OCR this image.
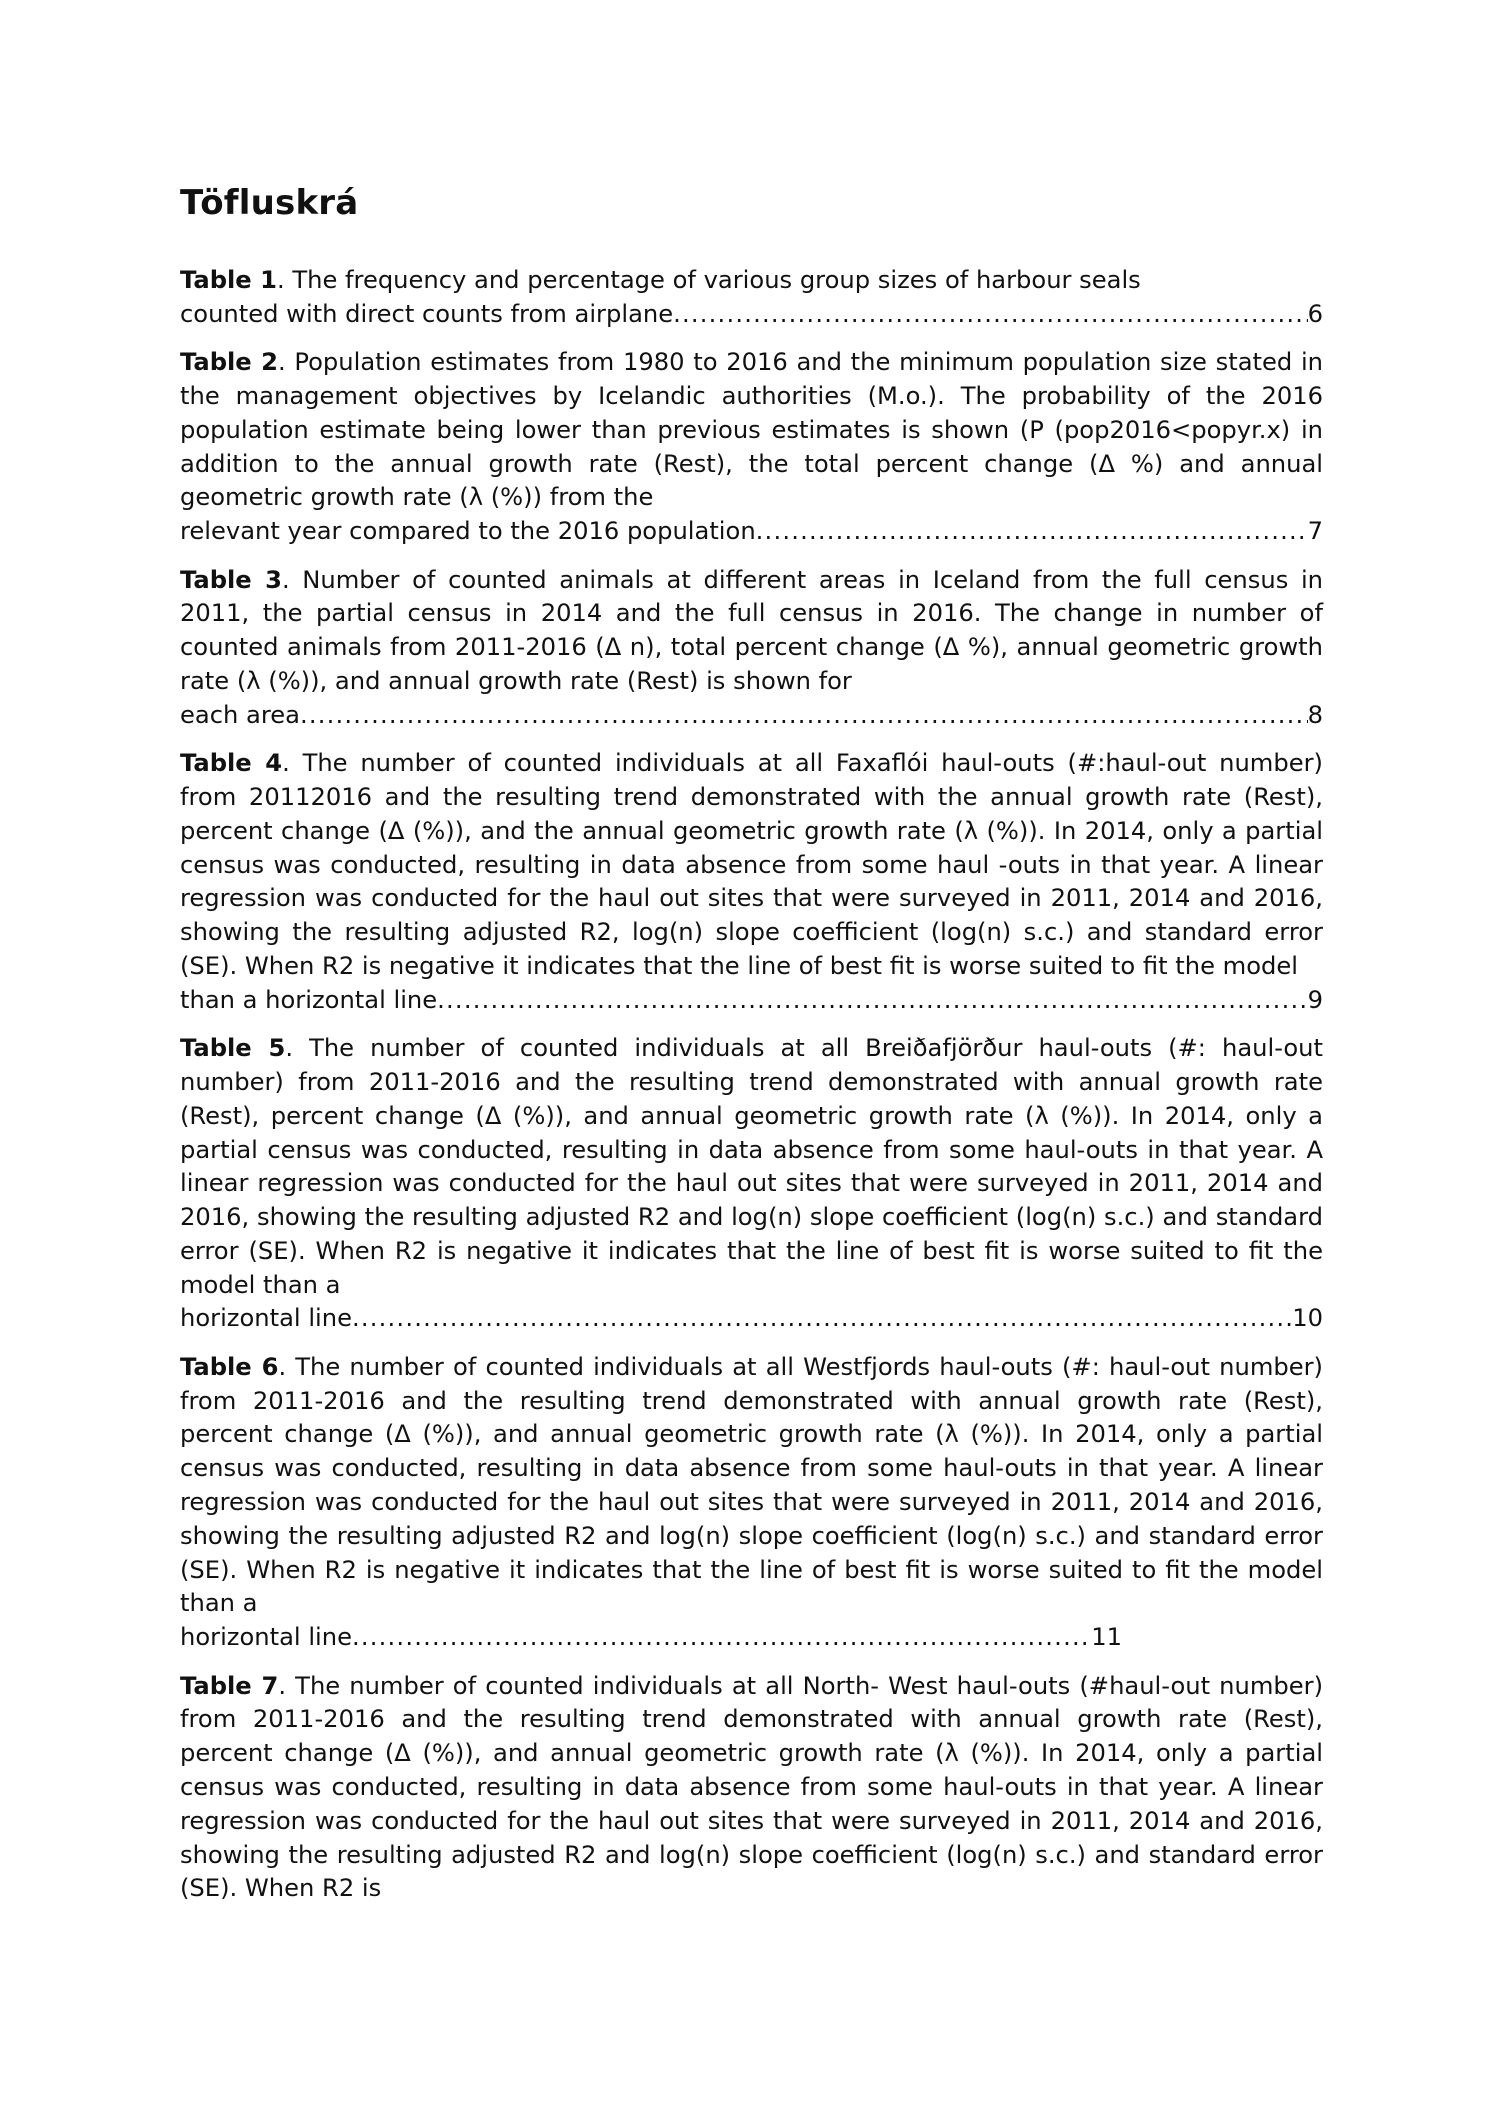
Töfluskrá
Table 1. The frequency and percentage of various group sizes of harbour seals
counted with direct counts from airplane .....	6
Table 2. Population estimates from 1980 to 2016 and the minimum population size stated in the management objectives by Icelandic authorities (M.o.). The probability of the 2016 population estimate being lower than previous estimates is shown (P (pop2016<popyr.x) in addition to the annual growth rate (Rest), the total percent change (Δ %) and annual geometric growth rate (λ (%)) from the
relevant year compared to the 2016 population .....	7
Table 3. Number of counted animals at different areas in Iceland from the full census in 2011, the partial census in 2014 and the full census in 2016. The change in number of counted animals from 2011-2016 (Δ n), total percent change (Δ %), annual geometric growth rate (λ (%)), and annual growth rate (Rest) is shown for
each area .....	8
Table 4. The number of counted individuals at all Faxaflói haul-outs (#:haul-out number) from 20112016 and the resulting trend demonstrated with the annual growth rate (Rest), percent change (Δ (%)), and the annual geometric growth rate (λ (%)). In 2014, only a partial census was conducted, resulting in data absence from some haul -outs in that year. A linear regression was conducted for the haul out sites that were surveyed in 2011, 2014 and 2016, showing the resulting adjusted R2, log(n) slope coefficient (log(n) s.c.) and standard error (SE). When R2 is negative it indicates that the line of best fit is worse suited to fit the model
than a horizontal line .....	9
Table 5. The number of counted individuals at all Breiðafjörður haul-outs (#: haul-out number) from 2011-2016 and the resulting trend demonstrated with annual growth rate (Rest), percent change (Δ (%)), and annual geometric growth rate (λ (%)). In 2014, only a partial census was conducted, resulting in data absence from some haul-outs in that year. A linear regression was conducted for the haul out sites that were surveyed in 2011, 2014 and 2016, showing the resulting adjusted R2 and log(n) slope coefficient (log(n) s.c.) and standard error (SE). When R2 is negative it indicates that the line of best fit is worse suited to fit the model than a
horizontal line .....	10
Table 6. The number of counted individuals at all Westfjords haul-outs (#: haul-out number) from 2011-2016 and the resulting trend demonstrated with annual growth rate (Rest), percent change (Δ (%)), and annual geometric growth rate (λ (%)). In 2014, only a partial census was conducted, resulting in data absence from some haul-outs in that year. A linear regression was conducted for the haul out sites that were surveyed in 2011, 2014 and 2016, showing the resulting adjusted R2 and log(n) slope coefficient (log(n) s.c.) and standard error (SE). When R2 is negative it indicates that the line of best fit is worse suited to fit the model than a
horizontal line .....	11
Table 7. The number of counted individuals at all North- West haul-outs (#haul-out number) from 2011-2016 and the resulting trend demonstrated with annual growth rate (Rest), percent change (Δ (%)), and annual geometric growth rate (λ (%)). In 2014, only a partial census was conducted, resulting in data absence from some haul-outs in that year. A linear regression was conducted for the haul out sites that were surveyed in 2011, 2014 and 2016, showing the resulting adjusted R2 and log(n) slope coefficient (log(n) s.c.) and standard error (SE). When R2 is
